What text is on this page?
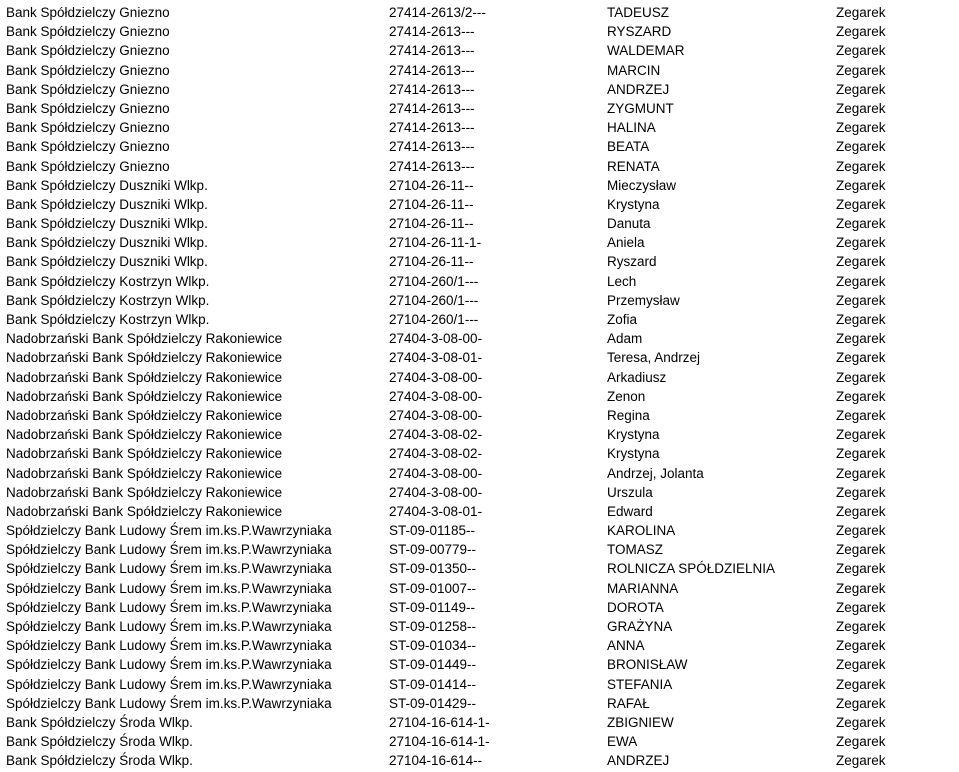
Bank Spółdzielczy Gniezno	27414-2613/2---	TADEUSZ	Zegarek
Bank Spółdzielczy Gniezno	27414-2613---	RYSZARD	Zegarek
Bank Spółdzielczy Gniezno	27414-2613---	WALDEMAR	Zegarek
Bank Spółdzielczy Gniezno	27414-2613---	MARCIN	Zegarek
Bank Spółdzielczy Gniezno	27414-2613---	ANDRZEJ	Zegarek
Bank Spółdzielczy Gniezno	27414-2613---	ZYGMUNT	Zegarek
Bank Spółdzielczy Gniezno	27414-2613---	HALINA	Zegarek
Bank Spółdzielczy Gniezno	27414-2613---	BEATA	Zegarek
Bank Spółdzielczy Gniezno	27414-2613---	RENATA	Zegarek
Bank Spółdzielczy Duszniki Wlkp.	27104-26-11--	Mieczysław	Zegarek
Bank Spółdzielczy Duszniki Wlkp.	27104-26-11--	Krystyna	Zegarek
Bank Spółdzielczy Duszniki Wlkp.	27104-26-11--	Danuta	Zegarek
Bank Spółdzielczy Duszniki Wlkp.	27104-26-11-1-	Aniela	Zegarek
Bank Spółdzielczy Duszniki Wlkp.	27104-26-11--	Ryszard	Zegarek
Bank Spółdzielczy Kostrzyn Wlkp.	27104-260/1---	Lech	Zegarek
Bank Spółdzielczy Kostrzyn Wlkp.	27104-260/1---	Przemysław	Zegarek
Bank Spółdzielczy Kostrzyn Wlkp.	27104-260/1---	Zofia	Zegarek
Nadobrzański Bank Spółdzielczy Rakoniewice	27404-3-08-00-	Adam	Zegarek
Nadobrzański Bank Spółdzielczy Rakoniewice	27404-3-08-01-	Teresa, Andrzej	Zegarek
Nadobrzański Bank Spółdzielczy Rakoniewice	27404-3-08-00-	Arkadiusz	Zegarek
Nadobrzański Bank Spółdzielczy Rakoniewice	27404-3-08-00-	Zenon	Zegarek
Nadobrzański Bank Spółdzielczy Rakoniewice	27404-3-08-00-	Regina	Zegarek
Nadobrzański Bank Spółdzielczy Rakoniewice	27404-3-08-02-	Krystyna	Zegarek
Nadobrzański Bank Spółdzielczy Rakoniewice	27404-3-08-02-	Krystyna	Zegarek
Nadobrzański Bank Spółdzielczy Rakoniewice	27404-3-08-00-	Andrzej, Jolanta	Zegarek
Nadobrzański Bank Spółdzielczy Rakoniewice	27404-3-08-00-	Urszula	Zegarek
Nadobrzański Bank Spółdzielczy Rakoniewice	27404-3-08-01-	Edward	Zegarek
Spółdzielczy Bank Ludowy Śrem im.ks.P.Wawrzyniaka	ST-09-01185--	KAROLINA	Zegarek
Spółdzielczy Bank Ludowy Śrem im.ks.P.Wawrzyniaka	ST-09-00779--	TOMASZ	Zegarek
Spółdzielczy Bank Ludowy Śrem im.ks.P.Wawrzyniaka	ST-09-01350--	ROLNICZA SPÓŁDZIELNIA	Zegarek
Spółdzielczy Bank Ludowy Śrem im.ks.P.Wawrzyniaka	ST-09-01007--	MARIANNA	Zegarek
Spółdzielczy Bank Ludowy Śrem im.ks.P.Wawrzyniaka	ST-09-01149--	DOROTA	Zegarek
Spółdzielczy Bank Ludowy Śrem im.ks.P.Wawrzyniaka	ST-09-01258--	GRAŻYNA	Zegarek
Spółdzielczy Bank Ludowy Śrem im.ks.P.Wawrzyniaka	ST-09-01034--	ANNA	Zegarek
Spółdzielczy Bank Ludowy Śrem im.ks.P.Wawrzyniaka	ST-09-01449--	BRONISŁAW	Zegarek
Spółdzielczy Bank Ludowy Śrem im.ks.P.Wawrzyniaka	ST-09-01414--	STEFANIA	Zegarek
Spółdzielczy Bank Ludowy Śrem im.ks.P.Wawrzyniaka	ST-09-01429--	RAFAŁ	Zegarek
Bank Spółdzielczy Środa Wlkp.	27104-16-614-1-	ZBIGNIEW	Zegarek
Bank Spółdzielczy Środa Wlkp.	27104-16-614-1-	EWA	Zegarek
Bank Spółdzielczy Środa Wlkp.	27104-16-614--	ANDRZEJ	Zegarek
